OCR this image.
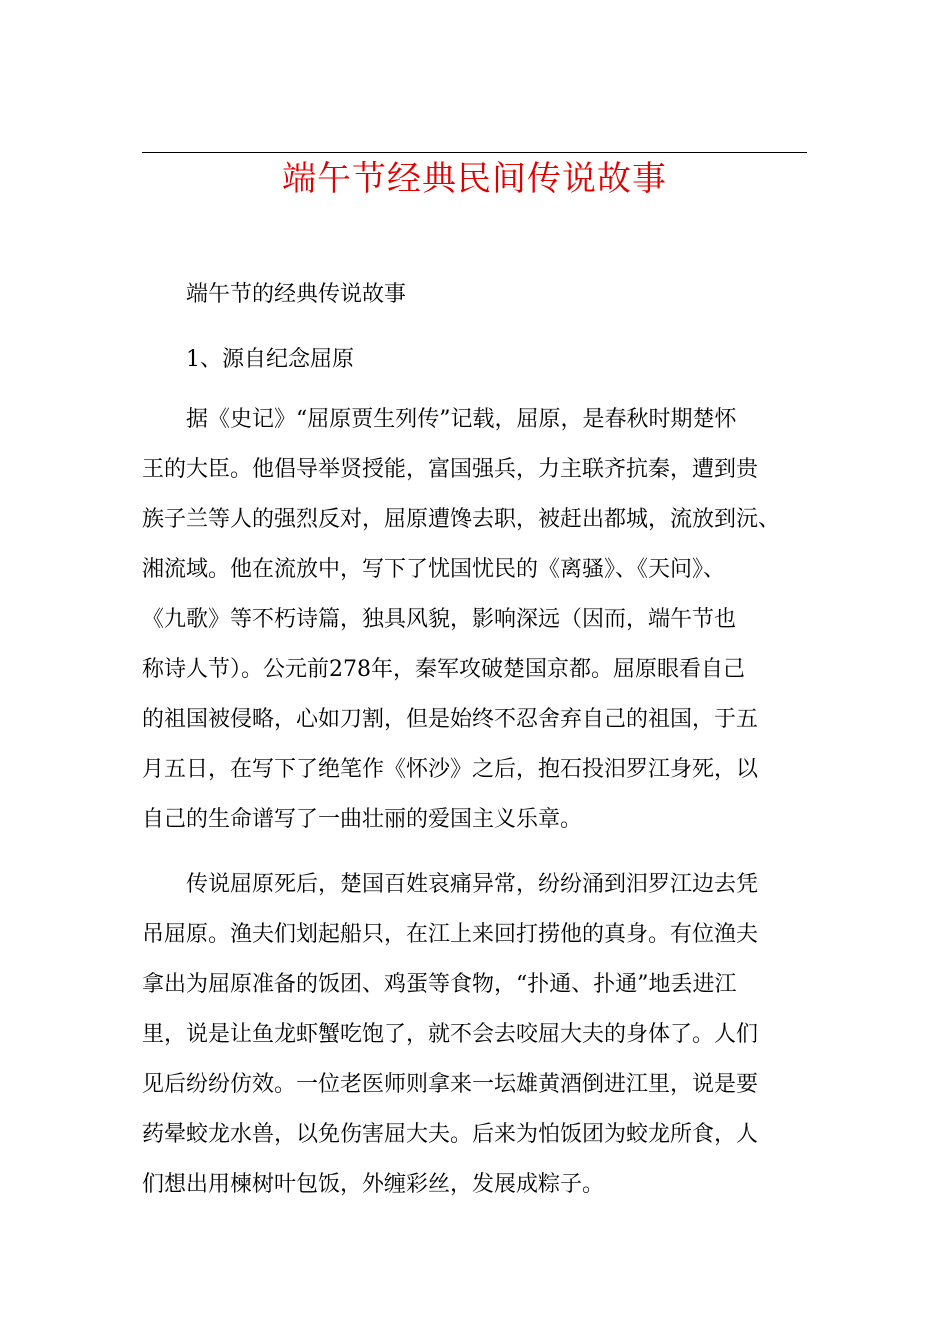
端午节经典民间传说故事
端午节的经典传说故事
1、源自纪念屈原
　　据《史记》“屈原贾生列传”记载，屈原，是春秋时期楚怀
王的大臣。他倡导举贤授能，富国强兵，力主联齐抗秦，遭到贵
族子兰等人的强烈反对，屈原遭馋去职，被赶出都城，流放到沅、
湘流域。他在流放中，写下了忧国忧民的《离骚》、《天问》、
《九歌》等不朽诗篇，独具风貌，影响深远（因而，端午节也
称诗人节）。公元前278年，秦军攻破楚国京都。屈原眼看自己
的祖国被侵略，心如刀割，但是始终不忍舍弃自己的祖国，于五
月五日，在写下了绝笔作《怀沙》之后，抱石投汨罗江身死，以
自己的生命谱写了一曲壮丽的爱国主义乐章。
　　传说屈原死后，楚国百姓哀痛异常，纷纷涌到汨罗江边去凭
吊屈原。渔夫们划起船只，在江上来回打捞他的真身。有位渔夫
拿出为屈原准备的饭团、鸡蛋等食物，“扑通、扑通”地丢进江
里，说是让鱼龙虾蟹吃饱了，就不会去咬屈大夫的身体了。人们
见后纷纷仿效。一位老医师则拿来一坛雄黄酒倒进江里，说是要
药晕蛟龙水兽，以免伤害屈大夫。后来为怕饭团为蛟龙所食，人
们想出用楝树叶包饭，外缠彩丝，发展成粽子。
